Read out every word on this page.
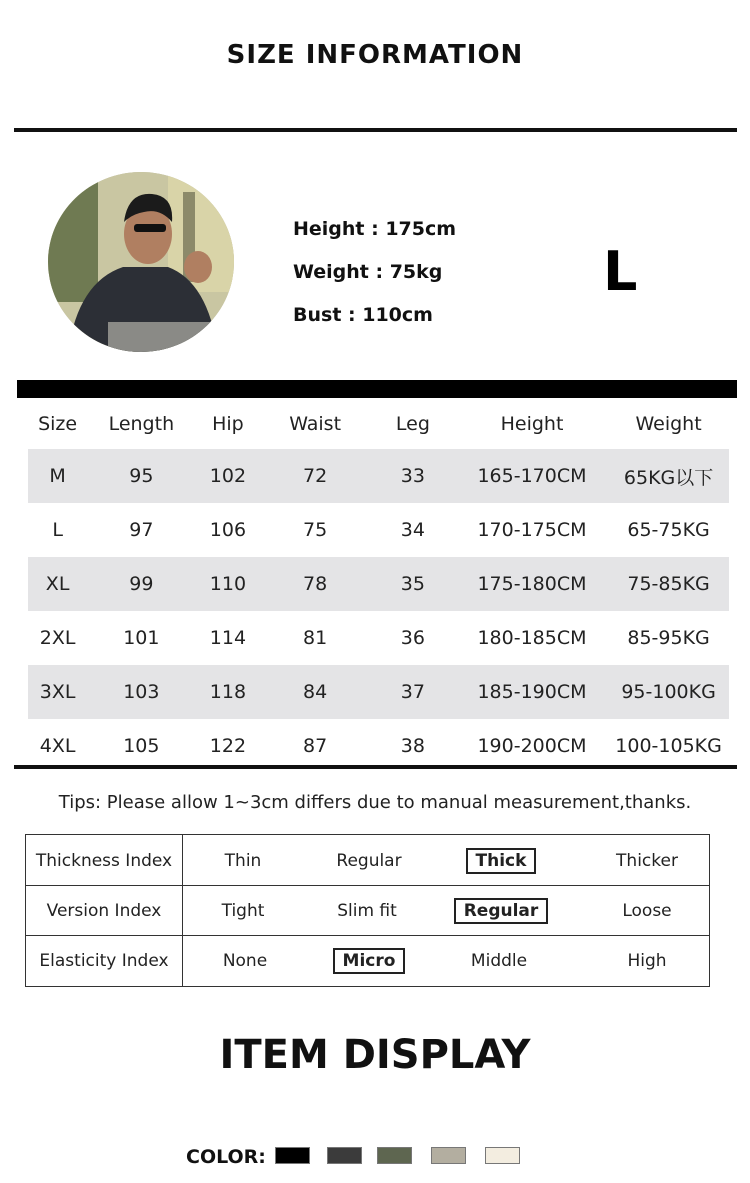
SIZE INFORMATION
Height : 175cm
Weight : 75kg
Bust : 110cm
L
Size	Length	Hip	Waist	Leg	Height	Weight
M	95	102	72	33	165-170CM	65KG以下
L	97	106	75	34	170-175CM	65-75KG
XL	99	110	78	35	175-180CM	75-85KG
2XL	101	114	81	36	180-185CM	85-95KG
3XL	103	118	84	37	185-190CM	95-100KG
4XL	105	122	87	38	190-200CM	100-105KG
Tips: Please allow 1~3cm differs due to manual measurement,thanks.
Thickness Index	Thin	Regular	Thick	Thicker
Version Index	Tight	Slim fit	Regular	Loose
Elasticity Index	None	Micro	Middle	High
ITEM DISPLAY
COLOR:
